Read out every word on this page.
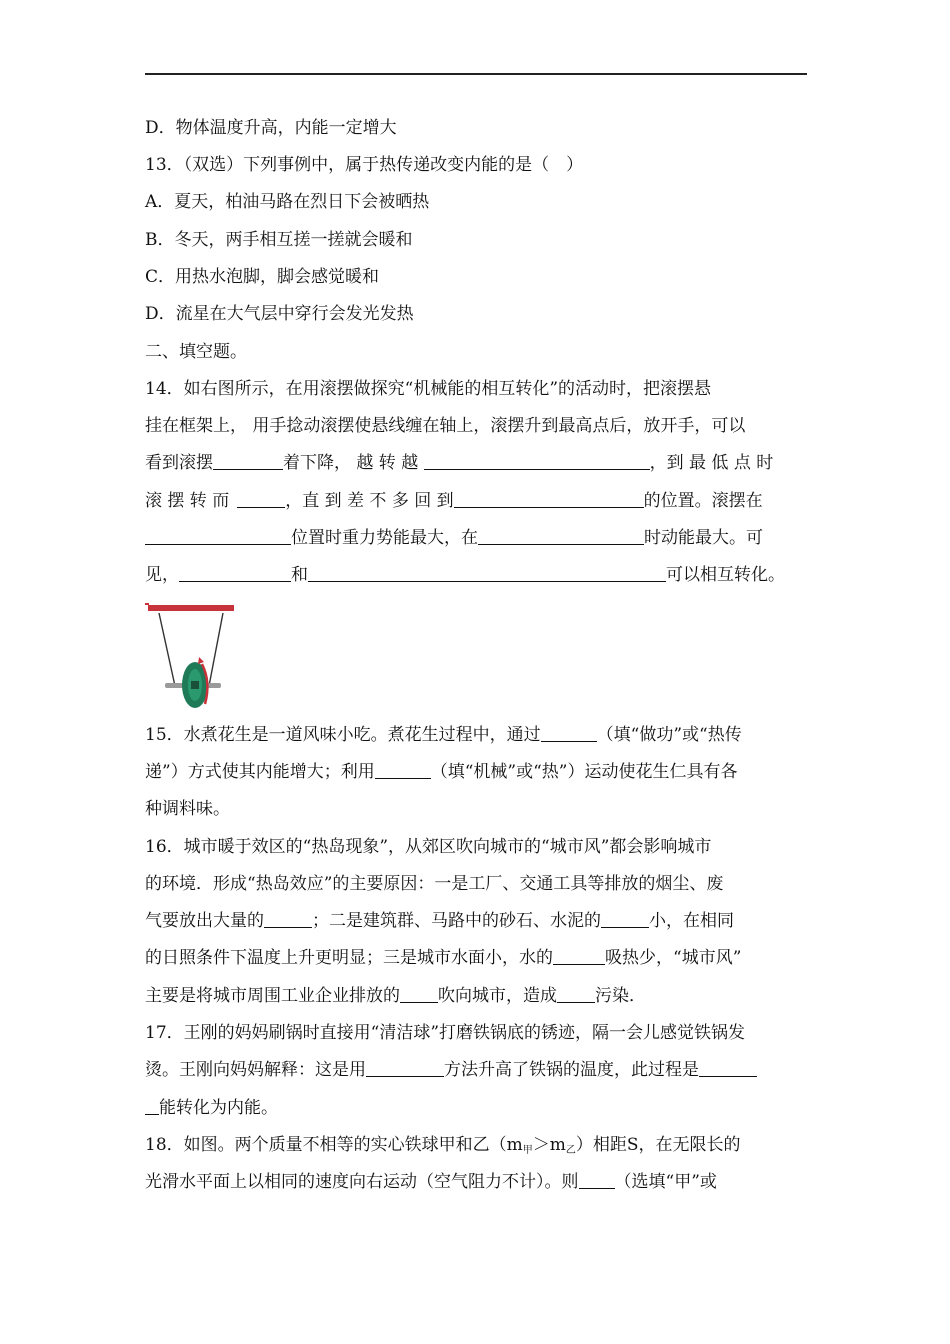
D．物体温度升高，内能一定增大
13．（双选）下列事例中，属于热传递改变内能的是（　）
A．夏天，柏油马路在烈日下会被晒热
B．冬天，两手相互搓一搓就会暖和
C．用热水泡脚，脚会感觉暖和
D．流星在大气层中穿行会发光发热
二、填空题。
14．如右图所示，在用滚摆做探究“机械能的相互转化”的活动时，把滚摆悬
挂在框架上， 用手捻动滚摆使悬线缠在轴上，滚摆升到最高点后，放开手，可以
看到滚摆	着下降， 越 转 越	，到 最 低 点 时
滚 摆 转 而	，直 到 差 不 多 回 到	的位置。滚摆在
位置时重力势能最大，在	时动能最大。可
见，	和	可以相互转化。
15．水煮花生是一道风味小吃。煮花生过程中，通过	（填“做功”或“热传
递”）方式使其内能增大；利用	（填“机械”或“热”）运动使花生仁具有各
种调料味。
16．城市暖于效区的“热岛现象”，从郊区吹向城市的“城市风”都会影响城市
的环境．形成“热岛效应”的主要原因：一是工厂、交通工具等排放的烟尘、废
气要放出大量的	；二是建筑群、马路中的砂石、水泥的	小，在相同
的日照条件下温度上升更明显；三是城市水面小，水的	吸热少，“城市风”
主要是将城市周围工业企业排放的 吹向城市，造成 污染．
17．王刚的妈妈刷锅时直接用“清洁球”打磨铁锅底的锈迹，隔一会儿感觉铁锅发
烫。王刚向妈妈解释：这是用	方法升高了铁锅的温度，此过程是
能转化为内能。
18．如图。两个质量不相等的实心铁球甲和乙$(m_甲>m_乙)$相距S，在无限长的
光滑水平面上以相同的速度向右运动（空气阻力不计）。则 （选填“甲”或
